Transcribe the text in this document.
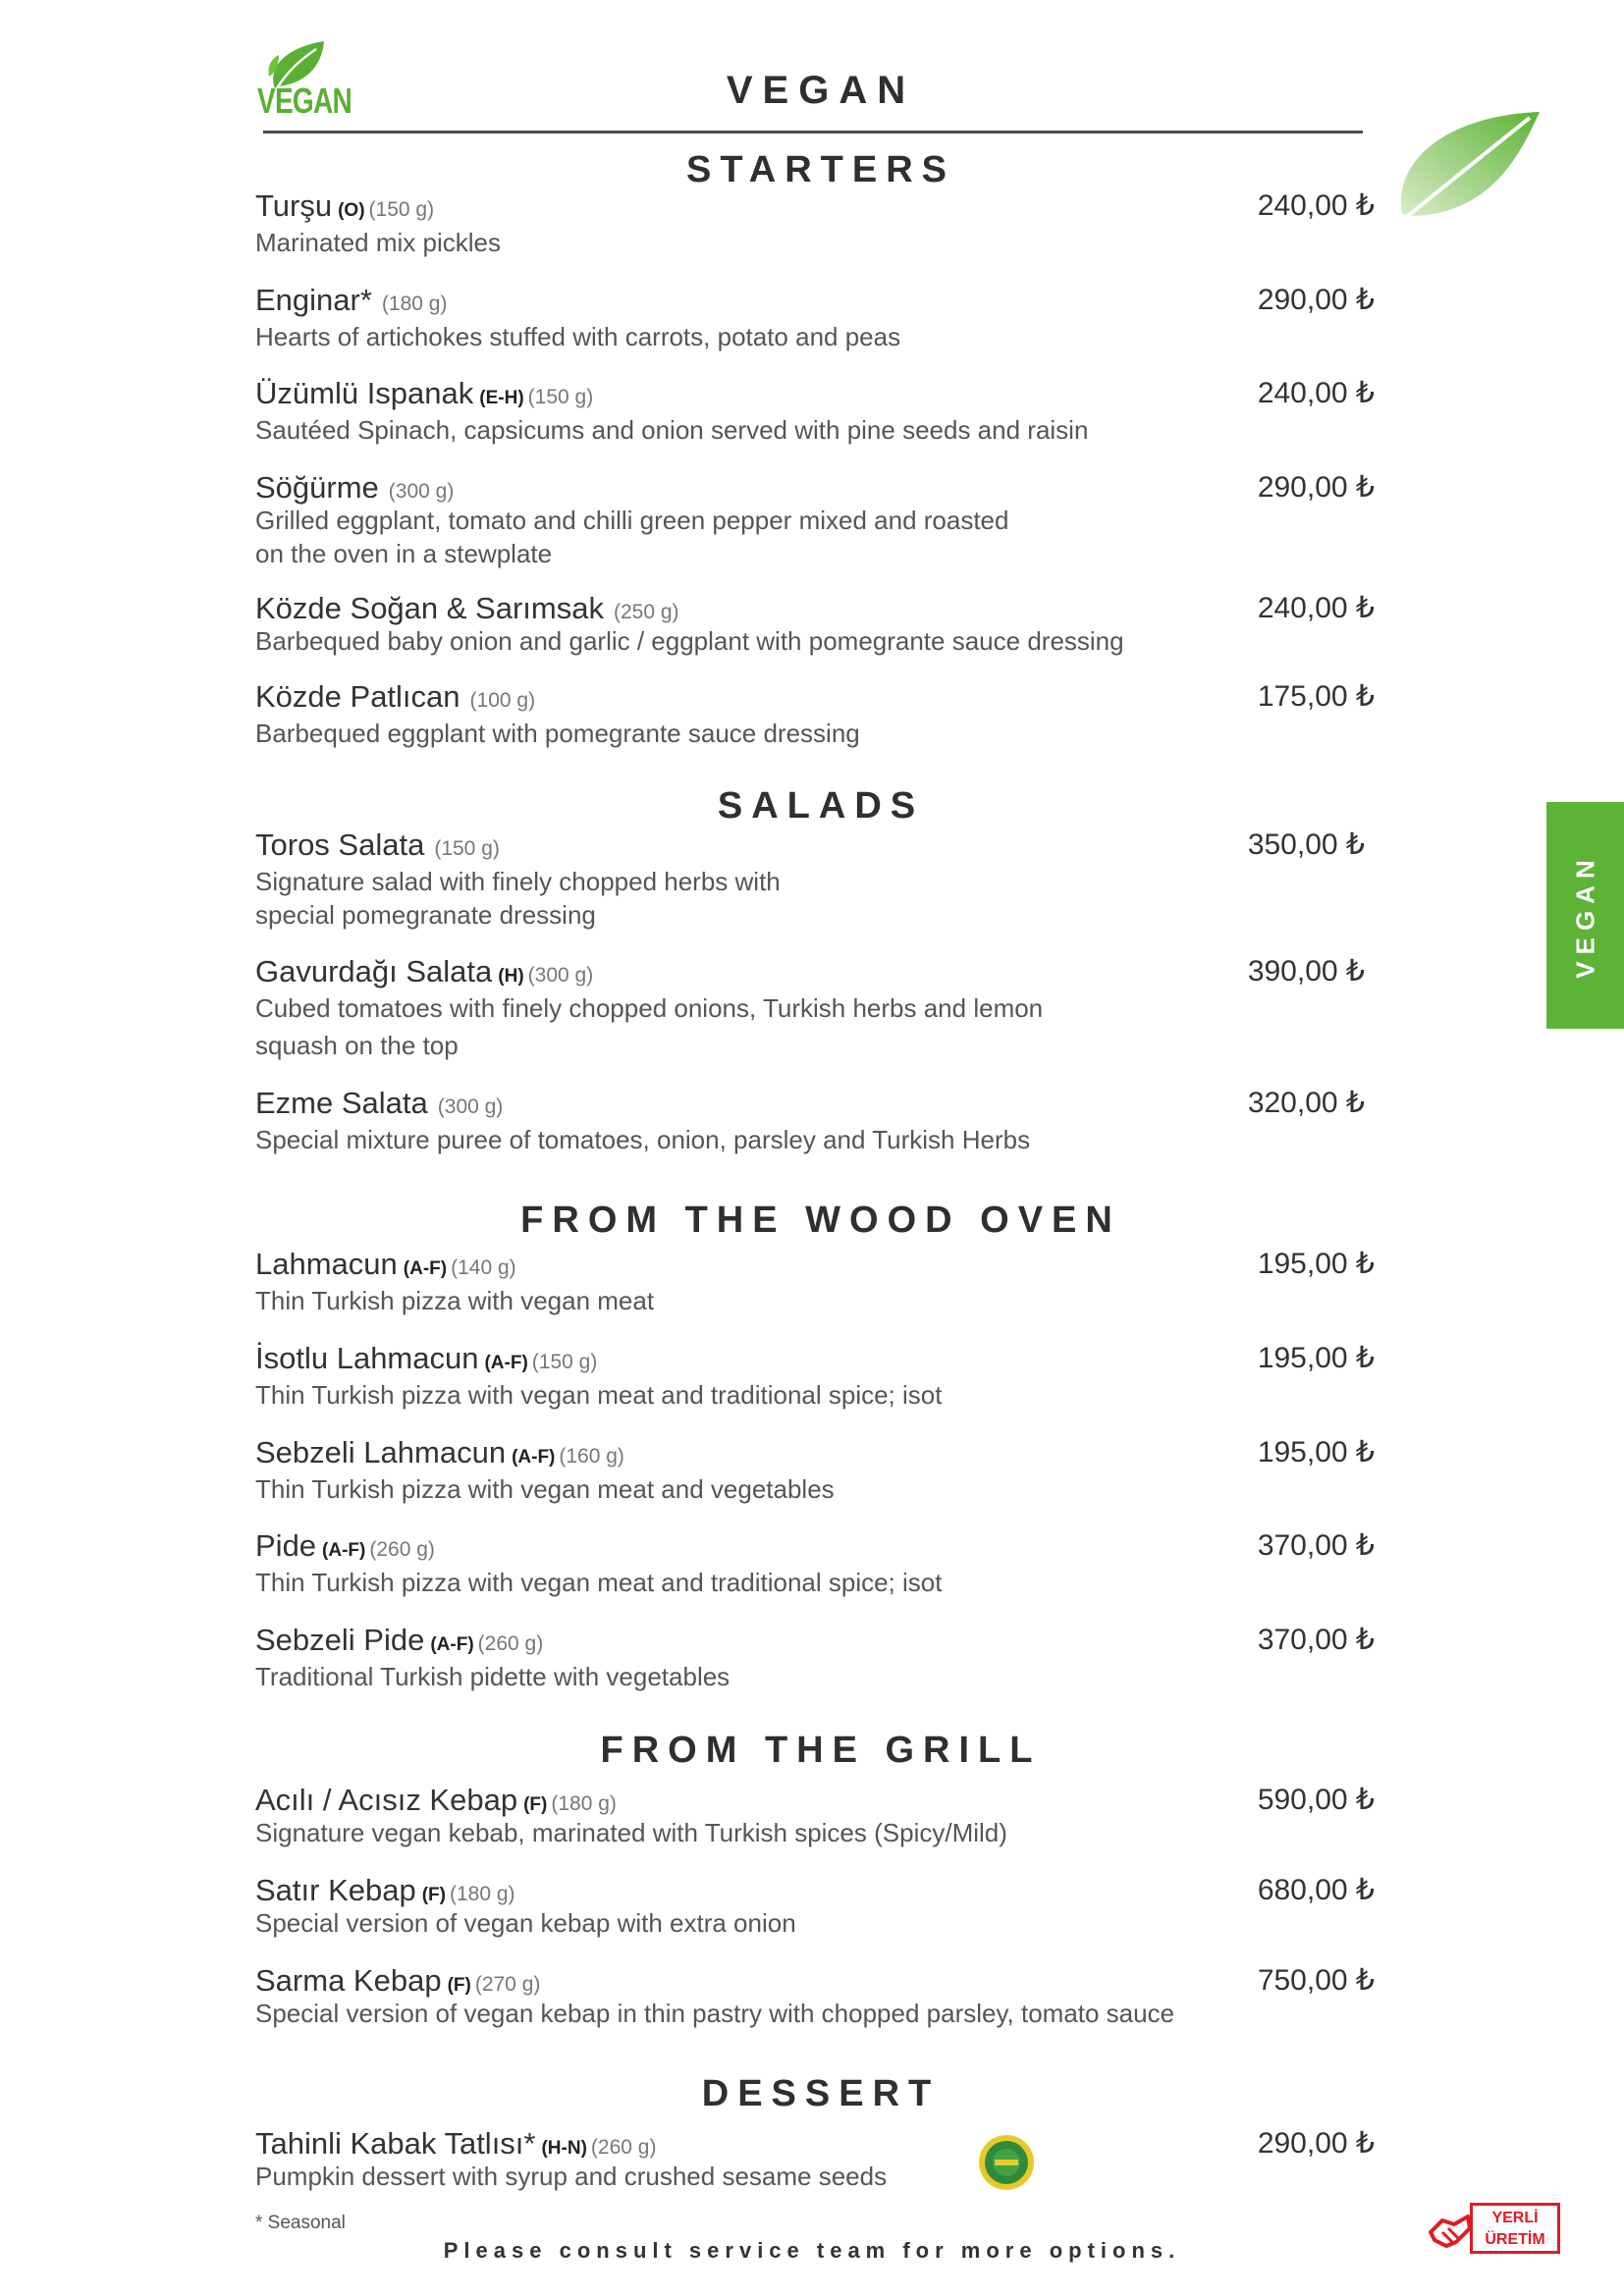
VEGAN	VEGAN
VEGAN
STARTERS
Turşu (O) (150 g)	240,00 ₺
Marinated mix pickles
Enginar* (180 g)	290,00 ₺
Hearts of artichokes stuffed with carrots, potato and peas
Üzümlü Ispanak (E-H) (150 g)	240,00 ₺
Sautéed Spinach, capsicums and onion served with pine seeds and raisin
Söğürme (300 g)	290,00 ₺
Grilled eggplant, tomato and chilli green pepper mixed and roasted
on the oven in a stewplate
Közde Soğan & Sarımsak (250 g)	240,00 ₺
Barbequed baby onion and garlic / eggplant with pomegrante sauce dressing
Közde Patlıcan (100 g)	175,00 ₺
Barbequed eggplant with pomegrante sauce dressing
SALADS
Toros Salata (150 g)	350,00 ₺
Signature salad with finely chopped herbs with
special pomegranate dressing
Gavurdağı Salata (H) (300 g)	390,00 ₺
Cubed tomatoes with finely chopped onions, Turkish herbs and lemon
squash on the top
Ezme Salata (300 g)	320,00 ₺
Special mixture puree of tomatoes, onion, parsley and Turkish Herbs
FROM THE WOOD OVEN
Lahmacun (A-F) (140 g)	195,00 ₺
Thin Turkish pizza with vegan meat
İsotlu Lahmacun (A-F) (150 g)	195,00 ₺
Thin Turkish pizza with vegan meat and traditional spice; isot
Sebzeli Lahmacun (A-F) (160 g)	195,00 ₺
Thin Turkish pizza with vegan meat and vegetables
Pide (A-F) (260 g)	370,00 ₺
Thin Turkish pizza with vegan meat and traditional spice; isot
Sebzeli Pide (A-F) (260 g)	370,00 ₺
Traditional Turkish pidette with vegetables
FROM THE GRILL
Acılı / Acısız Kebap (F) (180 g)	590,00 ₺
Signature vegan kebab, marinated with Turkish spices (Spicy/Mild)
Satır Kebap (F) (180 g)	680,00 ₺
Special version of vegan kebap with extra onion
Sarma Kebap (F) (270 g)	750,00 ₺
Special version of vegan kebap in thin pastry with chopped parsley, tomato sauce
DESSERT
Tahinli Kabak Tatlısı* (H-N) (260 g)	290,00 ₺
Pumpkin dessert with syrup and crushed sesame seeds
* Seasonal
Please consult service team for more options.
YERLİ
ÜRETİM
